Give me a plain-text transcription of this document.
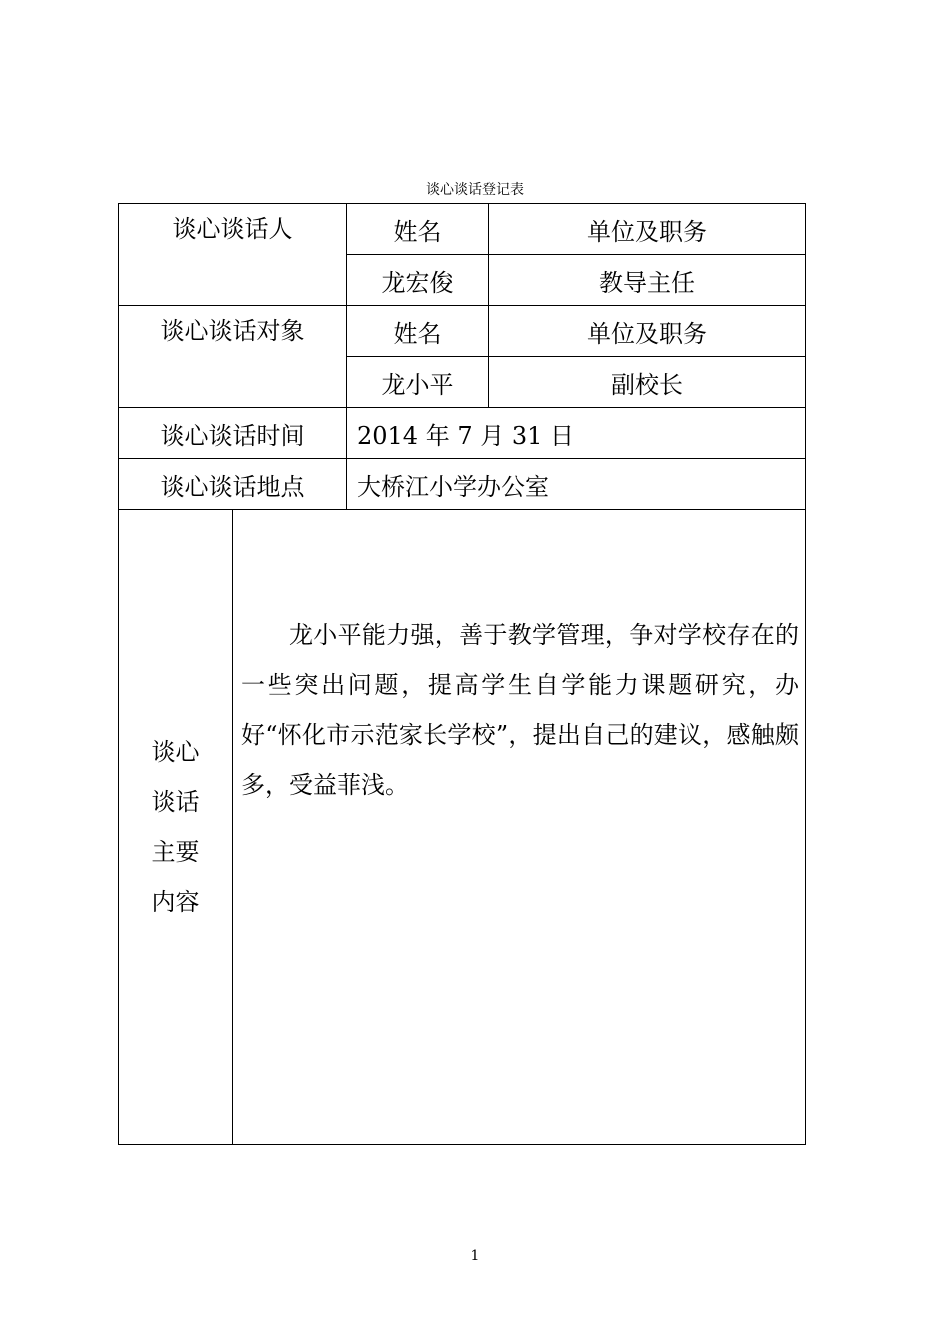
谈心谈话登记表
谈心谈话人		姓名	单位及职务
		龙宏俊	教导主任
谈心谈话对象		姓名	单位及职务
		龙小平	副校长
谈心谈话时间		2014 年 7 月 31 日	
谈心谈话地点		大桥江小学办公室	

谈心
谈话
主要
内容	龙小平能力强，善于教学管理，争对学校存在的一些突出问题，提高学生自学能力课题研究，办好“怀化市示范家长学校”，提出自己的建议，感触颇多，受益菲浅。		
1
